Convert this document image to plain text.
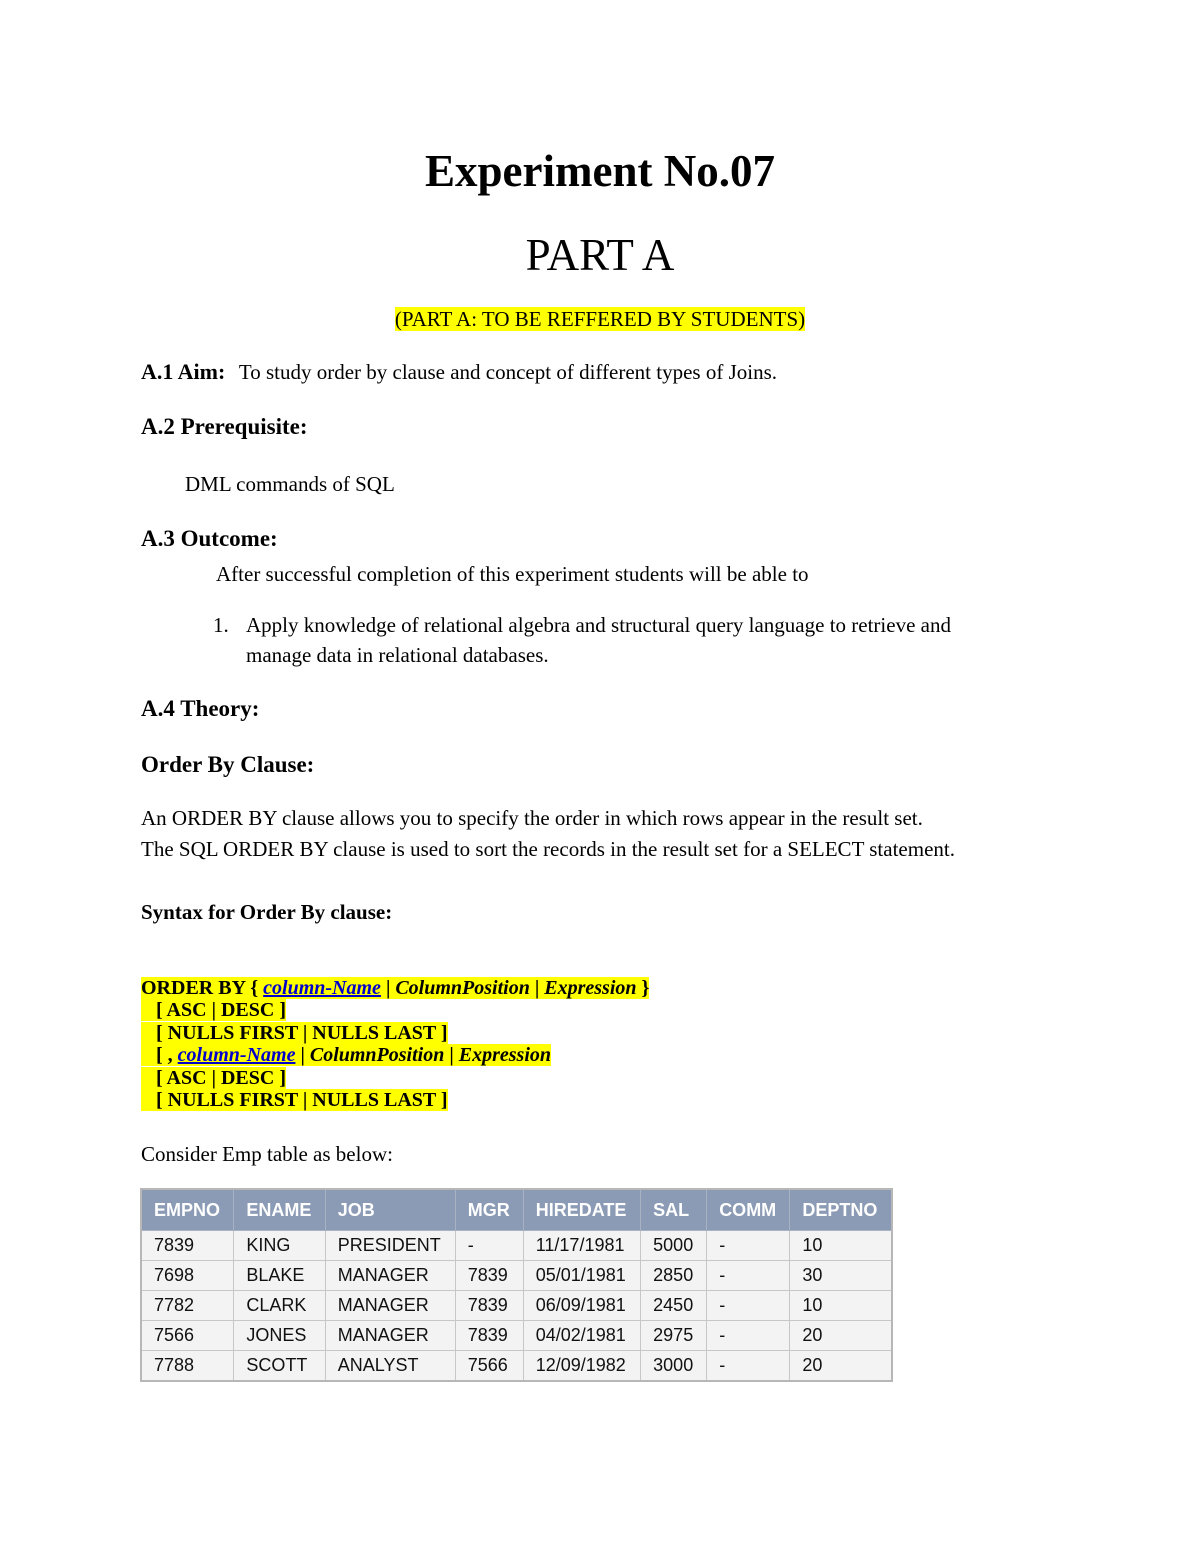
Experiment No.07
PART A
(PART A: TO BE REFFERED BY STUDENTS)
A.1 Aim: To study order by clause and concept of different types of Joins.
A.2 Prerequisite:
DML commands of SQL
A.3 Outcome:
After successful completion of this experiment students will be able to
1. Apply knowledge of relational algebra and structural query language to retrieve and
manage data in relational databases.
A.4 Theory:
Order By Clause:
An ORDER BY clause allows you to specify the order in which rows appear in the result set.
The SQL ORDER BY clause is used to sort the records in the result set for a SELECT statement.
Syntax for Order By clause:
ORDER BY { column-Name | ColumnPosition | Expression }
[ ASC | DESC ]
[ NULLS FIRST | NULLS LAST ]
[ , column-Name | ColumnPosition | Expression
[ ASC | DESC ]
[ NULLS FIRST | NULLS LAST ]
Consider Emp table as below:
EMPNO	ENAME	JOB	MGR	HIREDATE	SAL	COMM	DEPTNO
7839	KING	PRESIDENT	-	11/17/1981	5000	-	10
7698	BLAKE	MANAGER	7839	05/01/1981	2850	-	30
7782	CLARK	MANAGER	7839	06/09/1981	2450	-	10
7566	JONES	MANAGER	7839	04/02/1981	2975	-	20
7788	SCOTT	ANALYST	7566	12/09/1982	3000	-	20
